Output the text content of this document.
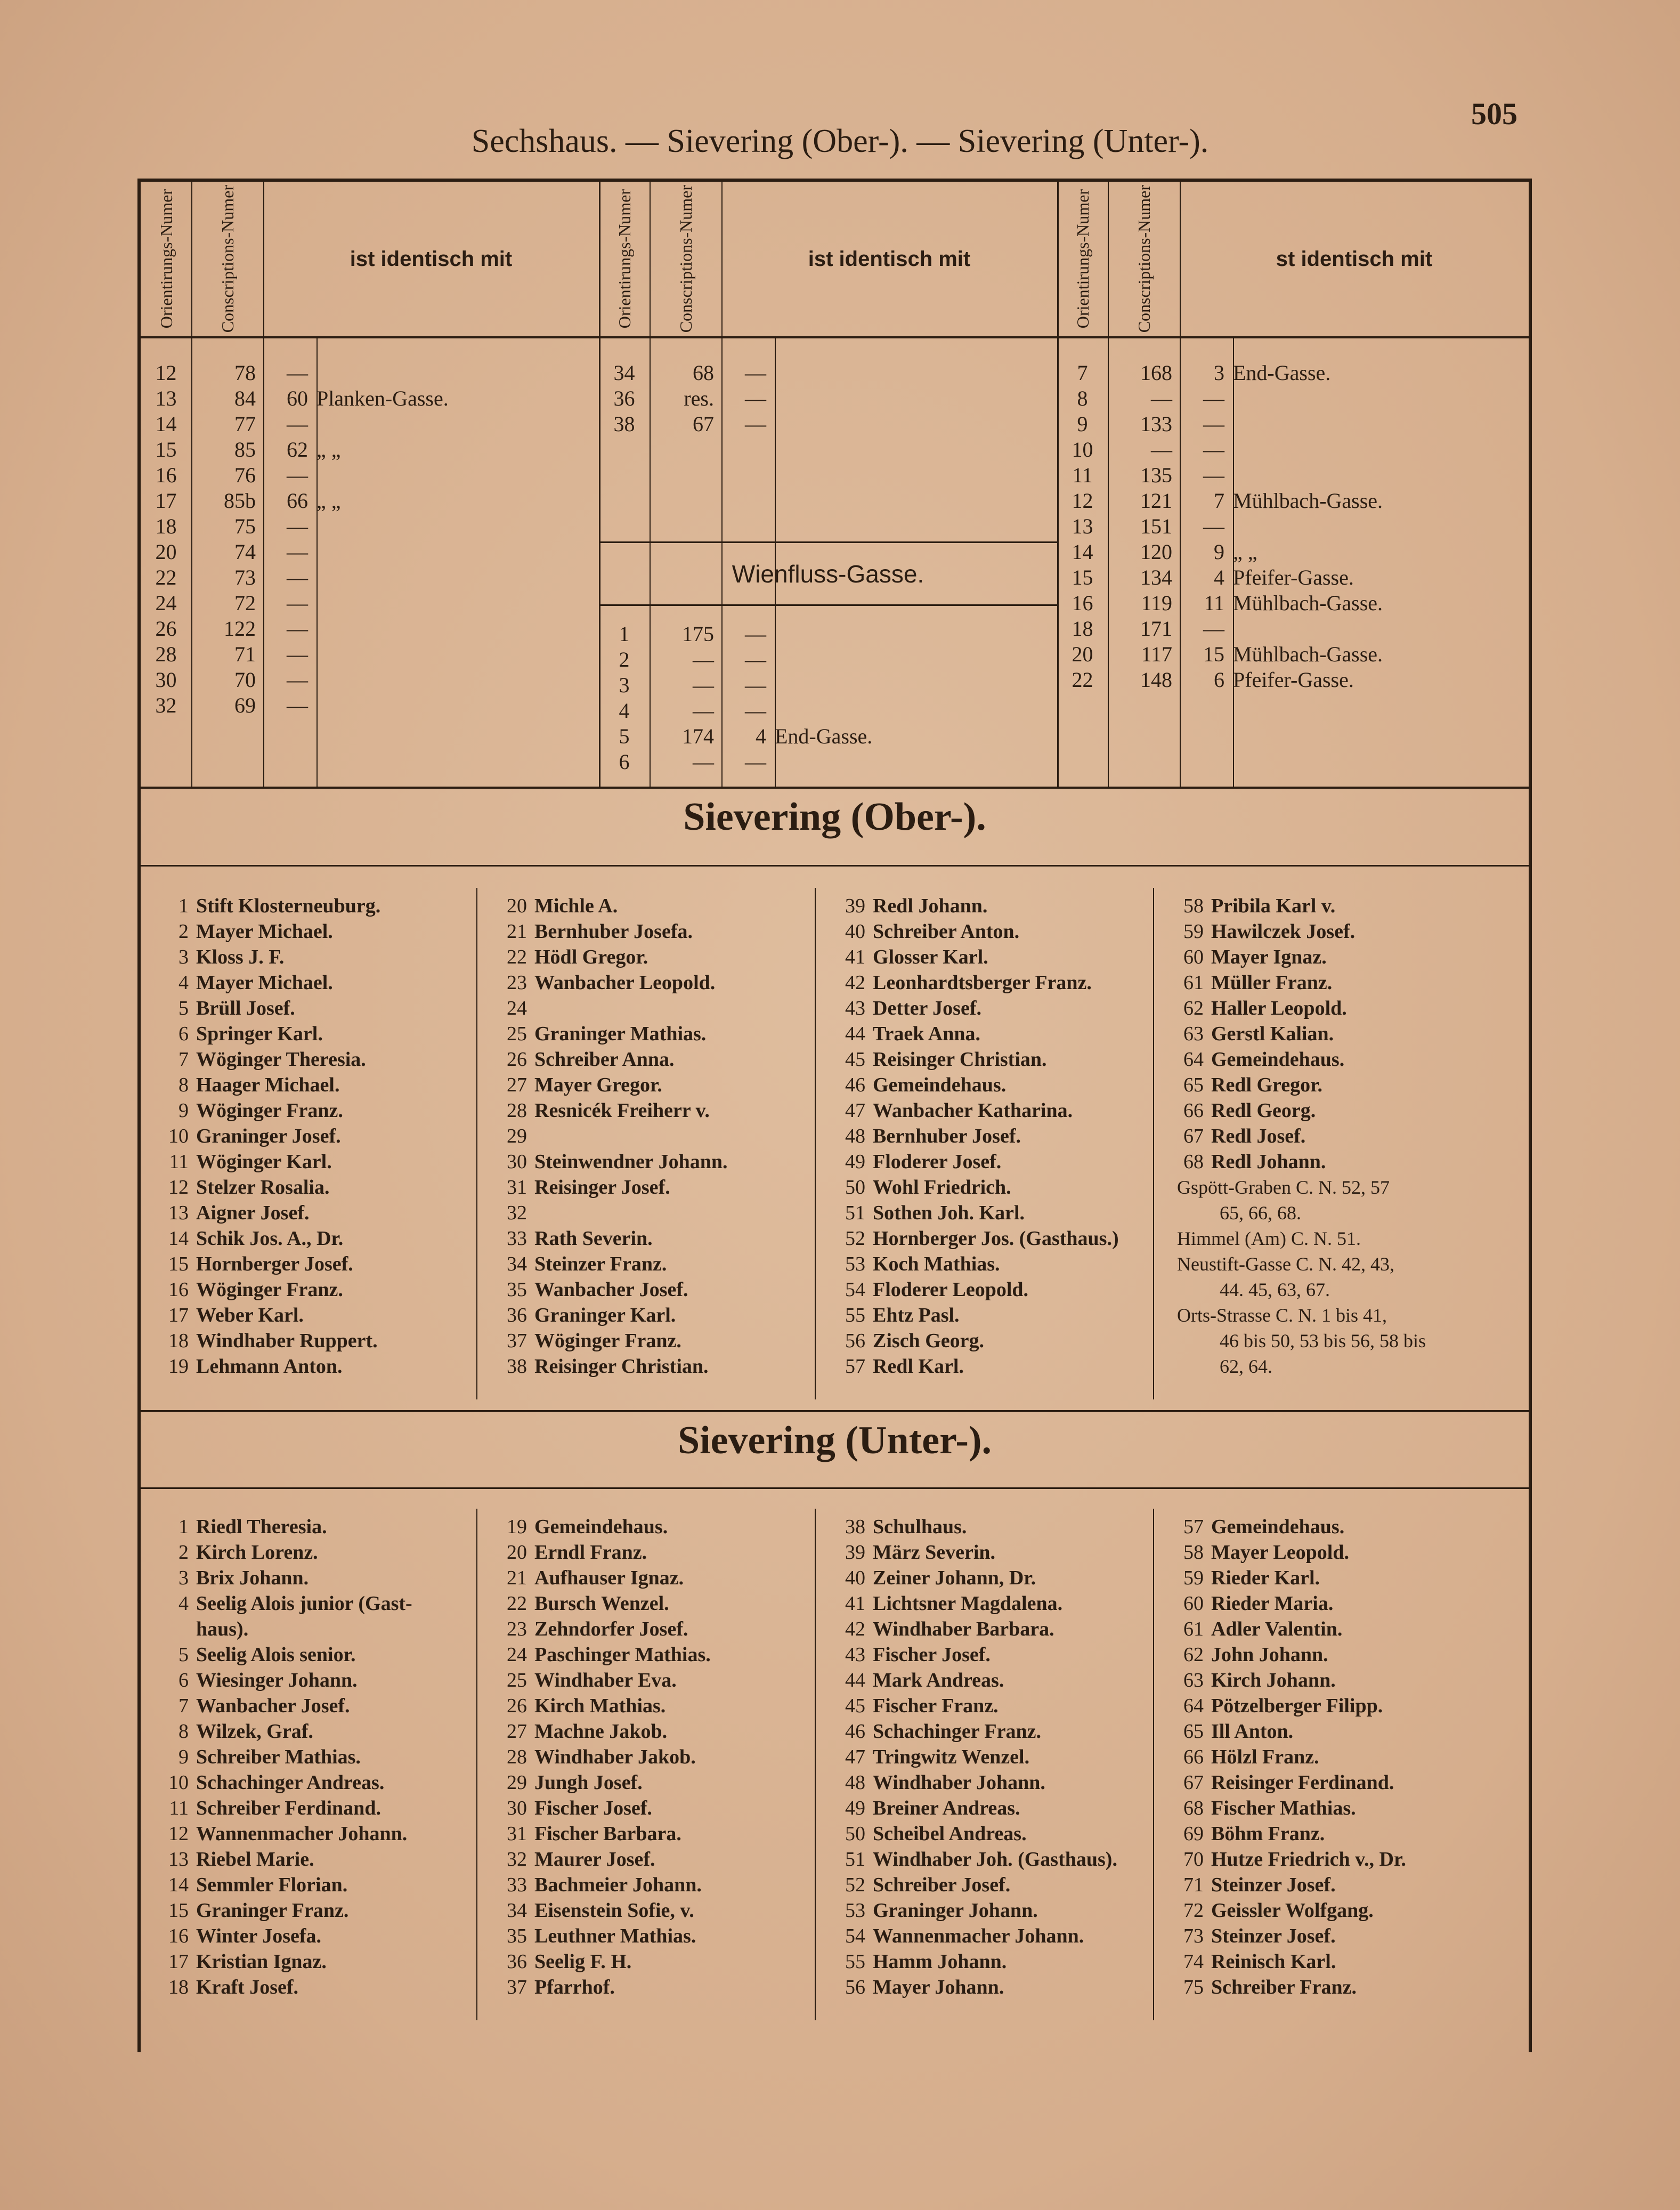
Sechshaus. — Sievering (Ober-). — Sievering (Unter-).
505
Orientirungs-Numer Conscriptions-Numer	ist identisch mit
12	78	—
13	84	60 Planken-Gasse.
14	77	—
15	85	62 „ „
16	76	—
17	85b	66 „ „
18	75	—
20	74	—
22	73	—
24	72	—
26	122	—
28	71	—
30	70	—
32	69	—
Orientirungs-Numer Conscriptions-Numer	ist identisch mit
34	68	—
36	res.	—
38	67	—
Wienfluss-Gasse.
1	175	—
2	—	—
3	—	—
4	—	—
5	174	4 End-Gasse.
6	—	—
Orientirungs-Numer Conscriptions-Numer	st identisch mit
7	168	3 End-Gasse.
8	—	—
9	133	—
10	—	—
11	135	—
12	121	7 Mühlbach-Gasse.
13	151	—
14	120	9 „ „
15	134	4 Pfeifer-Gasse.
16	119	11 Mühlbach-Gasse.
18	171	—
20	117	15 Mühlbach-Gasse.
22	148	6 Pfeifer-Gasse.
Sievering (Ober-).
1 Stift Klosterneuburg.
2 Mayer Michael.
3 Kloss J. F.
4 Mayer Michael.
5 Brüll Josef.
6 Springer Karl.
7 Wöginger Theresia.
8 Haager Michael.
9 Wöginger Franz.
10 Graninger Josef.
11 Wöginger Karl.
12 Stelzer Rosalia.
13 Aigner Josef.
14 Schik Jos. A., Dr.
15 Hornberger Josef.
16 Wöginger Franz.
17 Weber Karl.
18 Windhaber Ruppert.
19 Lehmann Anton.
20 Michle A.
21 Bernhuber Josefa.
22 Hödl Gregor.
23 Wanbacher Leopold.
24
25 Graninger Mathias.
26 Schreiber Anna.
27 Mayer Gregor.
28 Resnicék Freiherr v.
29
30 Steinwendner Johann.
31 Reisinger Josef.
32
33 Rath Severin.
34 Steinzer Franz.
35 Wanbacher Josef.
36 Graninger Karl.
37 Wöginger Franz.
38 Reisinger Christian.
39 Redl Johann.
40 Schreiber Anton.
41 Glosser Karl.
42 Leonhardtsberger Franz.
43 Detter Josef.
44 Traek Anna.
45 Reisinger Christian.
46 Gemeindehaus.
47 Wanbacher Katharina.
48 Bernhuber Josef.
49 Floderer Josef.
50 Wohl Friedrich.
51 Sothen Joh. Karl.
52 Hornberger Jos. (Gasthaus.)
53 Koch Mathias.
54 Floderer Leopold.
55 Ehtz Pasl.
56 Zisch Georg.
57 Redl Karl.
58 Pribila Karl v.
59 Hawilczek Josef.
60 Mayer Ignaz.
61 Müller Franz.
62 Haller Leopold.
63 Gerstl Kalian.
64 Gemeindehaus.
65 Redl Gregor.
66 Redl Georg.
67 Redl Josef.
68 Redl Johann.
Gspött-Graben C. N. 52, 57
65, 66, 68.
Himmel (Am) C. N. 51.
Neustift-Gasse C. N. 42, 43,
44. 45, 63, 67.
Orts-Strasse C. N. 1 bis 41,
46 bis 50, 53 bis 56, 58 bis
62, 64.
Sievering (Unter-).
1 Riedl Theresia.
2 Kirch Lorenz.
3 Brix Johann.
4 Seelig Alois junior (Gast-
haus).
5 Seelig Alois senior.
6 Wiesinger Johann.
7 Wanbacher Josef.
8 Wilzek, Graf.
9 Schreiber Mathias.
10 Schachinger Andreas.
11 Schreiber Ferdinand.
12 Wannenmacher Johann.
13 Riebel Marie.
14 Semmler Florian.
15 Graninger Franz.
16 Winter Josefa.
17 Kristian Ignaz.
18 Kraft Josef.
19 Gemeindehaus.
20 Erndl Franz.
21 Aufhauser Ignaz.
22 Bursch Wenzel.
23 Zehndorfer Josef.
24 Paschinger Mathias.
25 Windhaber Eva.
26 Kirch Mathias.
27 Machne Jakob.
28 Windhaber Jakob.
29 Jungh Josef.
30 Fischer Josef.
31 Fischer Barbara.
32 Maurer Josef.
33 Bachmeier Johann.
34 Eisenstein Sofie, v.
35 Leuthner Mathias.
36 Seelig F. H.
37 Pfarrhof.
38 Schulhaus.
39 März Severin.
40 Zeiner Johann, Dr.
41 Lichtsner Magdalena.
42 Windhaber Barbara.
43 Fischer Josef.
44 Mark Andreas.
45 Fischer Franz.
46 Schachinger Franz.
47 Tringwitz Wenzel.
48 Windhaber Johann.
49 Breiner Andreas.
50 Scheibel Andreas.
51 Windhaber Joh. (Gasthaus).
52 Schreiber Josef.
53 Graninger Johann.
54 Wannenmacher Johann.
55 Hamm Johann.
56 Mayer Johann.
57 Gemeindehaus.
58 Mayer Leopold.
59 Rieder Karl.
60 Rieder Maria.
61 Adler Valentin.
62 John Johann.
63 Kirch Johann.
64 Pötzelberger Filipp.
65 Ill Anton.
66 Hölzl Franz.
67 Reisinger Ferdinand.
68 Fischer Mathias.
69 Böhm Franz.
70 Hutze Friedrich v., Dr.
71 Steinzer Josef.
72 Geissler Wolfgang.
73 Steinzer Josef.
74 Reinisch Karl.
75 Schreiber Franz.
